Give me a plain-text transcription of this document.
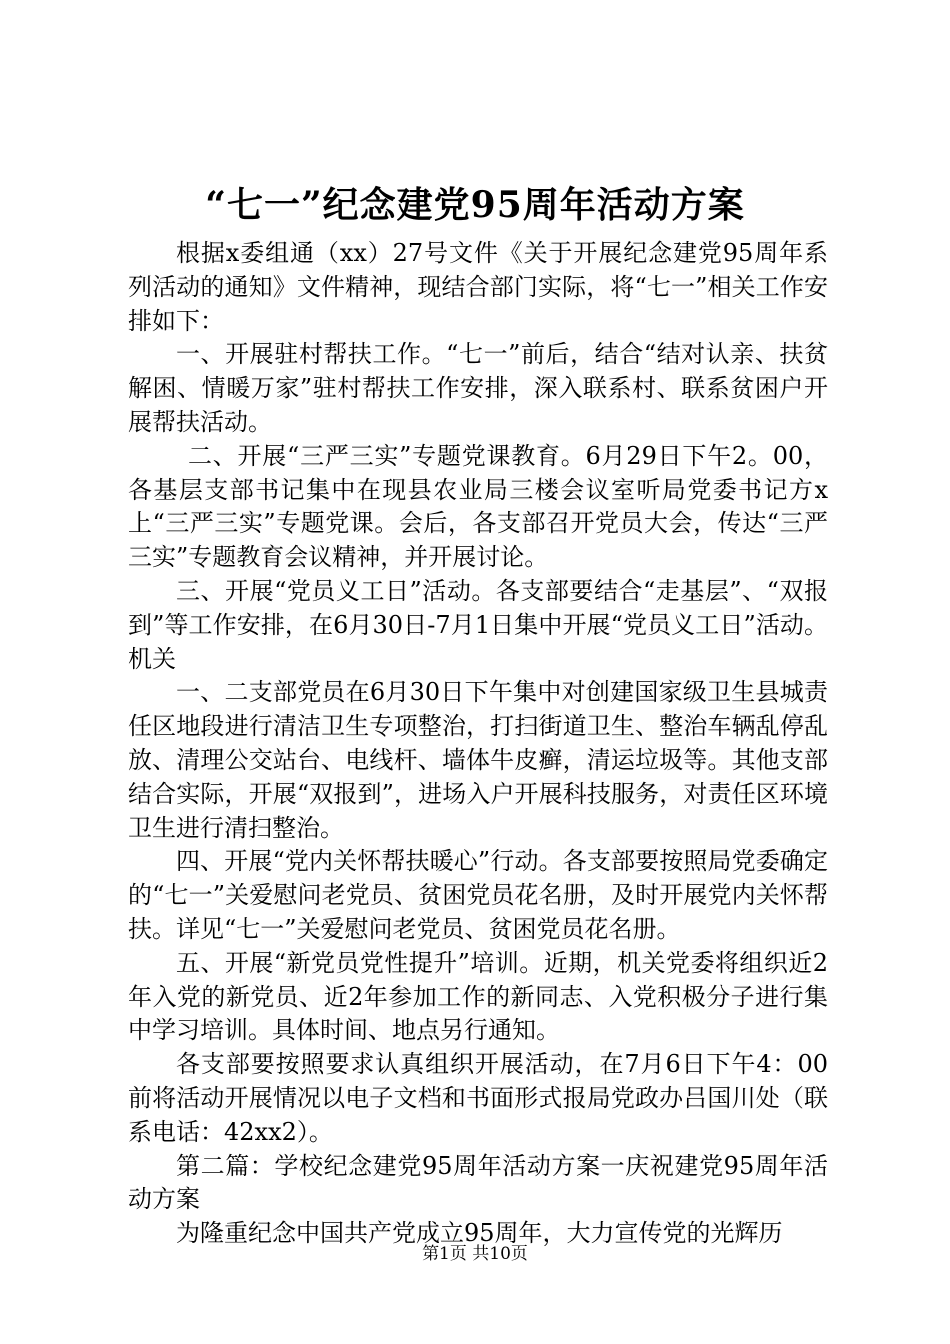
“七一”纪念建党95周年活动方案

根据x委组通（xx）27号文件《关于开展纪念建党95周年系列活动的通知》文件精神，现结合部门实际，将“七一”相关工作安排如下：

一、开展驻村帮扶工作。“七一”前后，结合“结对认亲、扶贫解困、情暖万家”驻村帮扶工作安排，深入联系村、联系贫困户开展帮扶活动。

二、开展“三严三实”专题党课教育。6月29日下午2。00，各基层支部书记集中在现县农业局三楼会议室听局党委书记方x上“三严三实”专题党课。会后，各支部召开党员大会，传达“三严三实”专题教育会议精神，并开展讨论。

三、开展“党员义工日”活动。各支部要结合“走基层”、“双报到”等工作安排，在6月30日-7月1日集中开展“党员义工日”活动。机关

一、二支部党员在6月30日下午集中对创建国家级卫生县城责任区地段进行清洁卫生专项整治，打扫街道卫生、整治车辆乱停乱放、清理公交站台、电线杆、墙体牛皮癣，清运垃圾等。其他支部结合实际，开展“双报到”，进场入户开展科技服务，对责任区环境卫生进行清扫整治。

四、开展“党内关怀帮扶暖心”行动。各支部要按照局党委确定的“七一”关爱慰问老党员、贫困党员花名册，及时开展党内关怀帮扶。详见“七一”关爱慰问老党员、贫困党员花名册。

五、开展“新党员党性提升”培训。近期，机关党委将组织近2年入党的新党员、近2年参加工作的新同志、入党积极分子进行集中学习培训。具体时间、地点另行通知。

各支部要按照要求认真组织开展活动，在7月6日下午4：00前将活动开展情况以电子文档和书面形式报局党政办吕国川处（联系电话：42xx2）。

第二篇：学校纪念建党95周年活动方案一庆祝建党95周年活动方案

为隆重纪念中国共产党成立95周年，大力宣传党的光辉历

第1页 共10页
